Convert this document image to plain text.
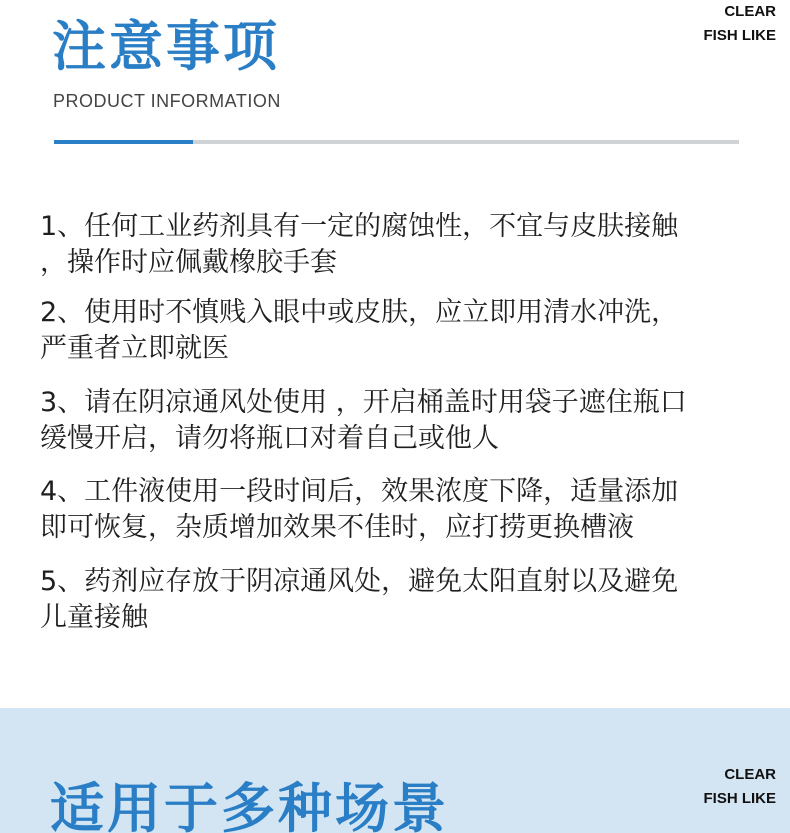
注意事项
PRODUCT INFORMATION
CLEAR
FISH LIKE
1、任何工业药剂具有一定的腐蚀性，不宜与皮肤接触
，操作时应佩戴橡胶手套
2、使用时不慎贱入眼中或皮肤，应立即用清水冲洗，
严重者立即就医
3、请在阴凉通风处使用 ，开启桶盖时用袋子遮住瓶口
缓慢开启，请勿将瓶口对着自己或他人
4、工件液使用一段时间后，效果浓度下降，适量添加
即可恢复，杂质增加效果不佳时，应打捞更换槽液
5、药剂应存放于阴凉通风处，避免太阳直射以及避免
儿童接触
适用于多种场景
CLEAR
FISH LIKE
